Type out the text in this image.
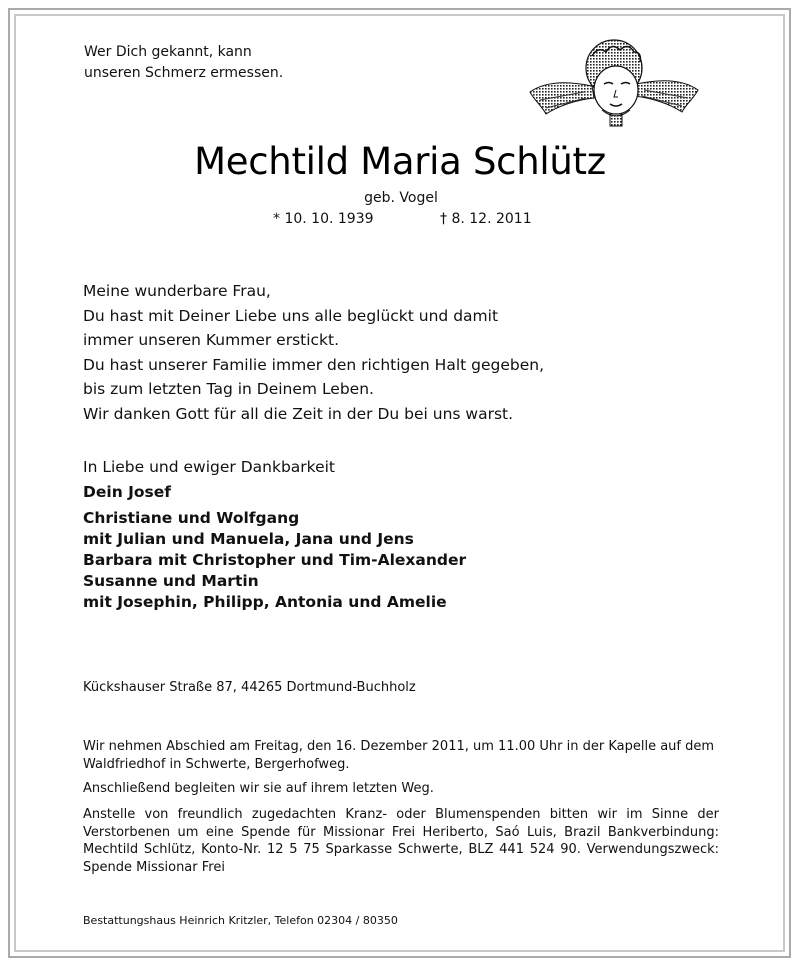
Wer Dich gekannt, kann
unseren Schmerz ermessen.
Mechtild Maria Schlütz
geb. Vogel
* 10. 10. 1939	† 8. 12. 2011
Meine wunderbare Frau,
Du hast mit Deiner Liebe uns alle beglückt und damit
immer unseren Kummer erstickt.
Du hast unserer Familie immer den richtigen Halt gegeben,
bis zum letzten Tag in Deinem Leben.
Wir danken Gott für all die Zeit in der Du bei uns warst.
In Liebe und ewiger Dankbarkeit
Dein Josef
Christiane und Wolfgang
mit Julian und Manuela, Jana und Jens
Barbara mit Christopher und Tim-Alexander
Susanne und Martin
mit Josephin, Philipp, Antonia und Amelie
Kückshauser Straße 87, 44265 Dortmund-Buchholz
Wir nehmen Abschied am Freitag, den 16. Dezember 2011, um 11.00 Uhr in der Kapelle auf dem Waldfriedhof in Schwerte, Bergerhofweg.
Anschließend begleiten wir sie auf ihrem letzten Weg.
Anstelle von freundlich zugedachten Kranz- oder Blumenspenden bitten wir im Sinne der Verstorbenen um eine Spende für Missionar Frei Heriberto, Saó Luis, Brazil Bankverbindung: Mechtild Schlütz, Konto-Nr. 12 5 75 Sparkasse Schwerte, BLZ 441 524 90. Verwendungszweck: Spende Missionar Frei
Bestattungshaus Heinrich Kritzler, Telefon 02304 / 80350
